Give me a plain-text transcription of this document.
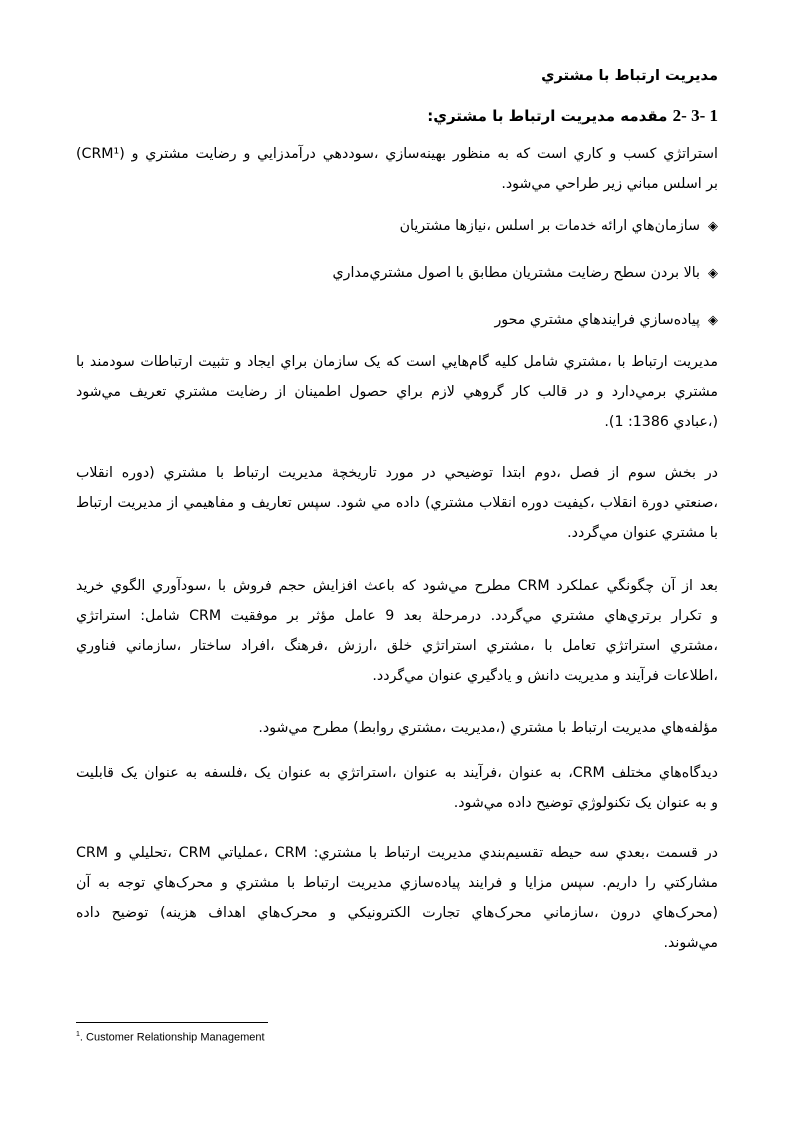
مديريت ارتباط با مشتري
2- 3- 1 مقدمه مديريت ارتباط با مشتري:
(CRM¹) استراتژي كسب و كاري است كه به منظور بهينه‌سازي ،سوددهي درآمدزايي و رضايت مشتري و
بر اسلس مباني زير طراحي مي‌شود.
◈سازمان‌هاي ارائه خدمات بر اسلس ،نيازها مشتريان
◈بالا بردن سطح رضايت مشتريان مطابق با اصول مشتري‌مداري
◈پياده‌سازي فرايندهاي مشتري محور
مديريت ارتباط با ،مشتري شامل كليه گام‌هايي است كه يک سازمان براي ايجاد و تثبيت ارتباطات سودمند با
مشتري برمي‌دارد و در قالب كار گروهي لازم براي حصول اطمينان از رضايت مشتري تعريف مي‌شود
(،عبادي 1386: 1).
در بخش سوم از فصل ،دوم ابتدا توضيحي در مورد تاريخچة مديريت ارتباط با مشتري (دوره انقلاب
،صنعتي دورة انقلاب ،كيفيت دوره انقلاب مشتري) داده مي شود. سپس تعاريف و مفاهيمي از مديريت ارتباط
با مشتري عنوان مي‌گردد.
بعد از آن چگونگي عملكرد CRM مطرح مي‌شود كه باعث افزايش حجم فروش با ،سودآوري الگوي خريد
و تكرار برتري‌هاي مشتري مي‌گردد. درمرحلة بعد 9 عامل مؤثر بر موفقيت CRM شامل: استراتژي
،مشتري استراتژي تعامل با ،مشتري استراتژي خلق ،ارزش ،فرهنگ ،افراد ساختار ،سازماني فناوري
،اطلاعات فرآيند و مديريت دانش و يادگيري عنوان مي‌گردد.
مؤلفه‌هاي مديريت ارتباط با مشتري (،مديريت ،مشتري روابط) مطرح مي‌شود.
ديدگاه‌هاي مختلف CRM، به عنوان ،فرآيند به عنوان ،استراتژي به عنوان يک ،فلسفه به عنوان يک قابليت
و به عنوان يک تكنولوژي توضيح داده مي‌شود.
در قسمت ،بعدي سه حيطه تقسيم‌بندي مديريت ارتباط با مشتري: CRM ،عملياتي CRM ،تحليلي و CRM
مشاركتي را داريم. سپس مزايا و فرايند پياده‌سازي مديريت ارتباط با مشتري و محرک‌هاي توجه به آن
(محرک‌هاي درون ،سازماني محرک‌هاي تجارت الكترونيكي و محرک‌هاي اهداف هزينه) توضيح داده
مي‌شوند.
$^1$. Customer Relationship Management
